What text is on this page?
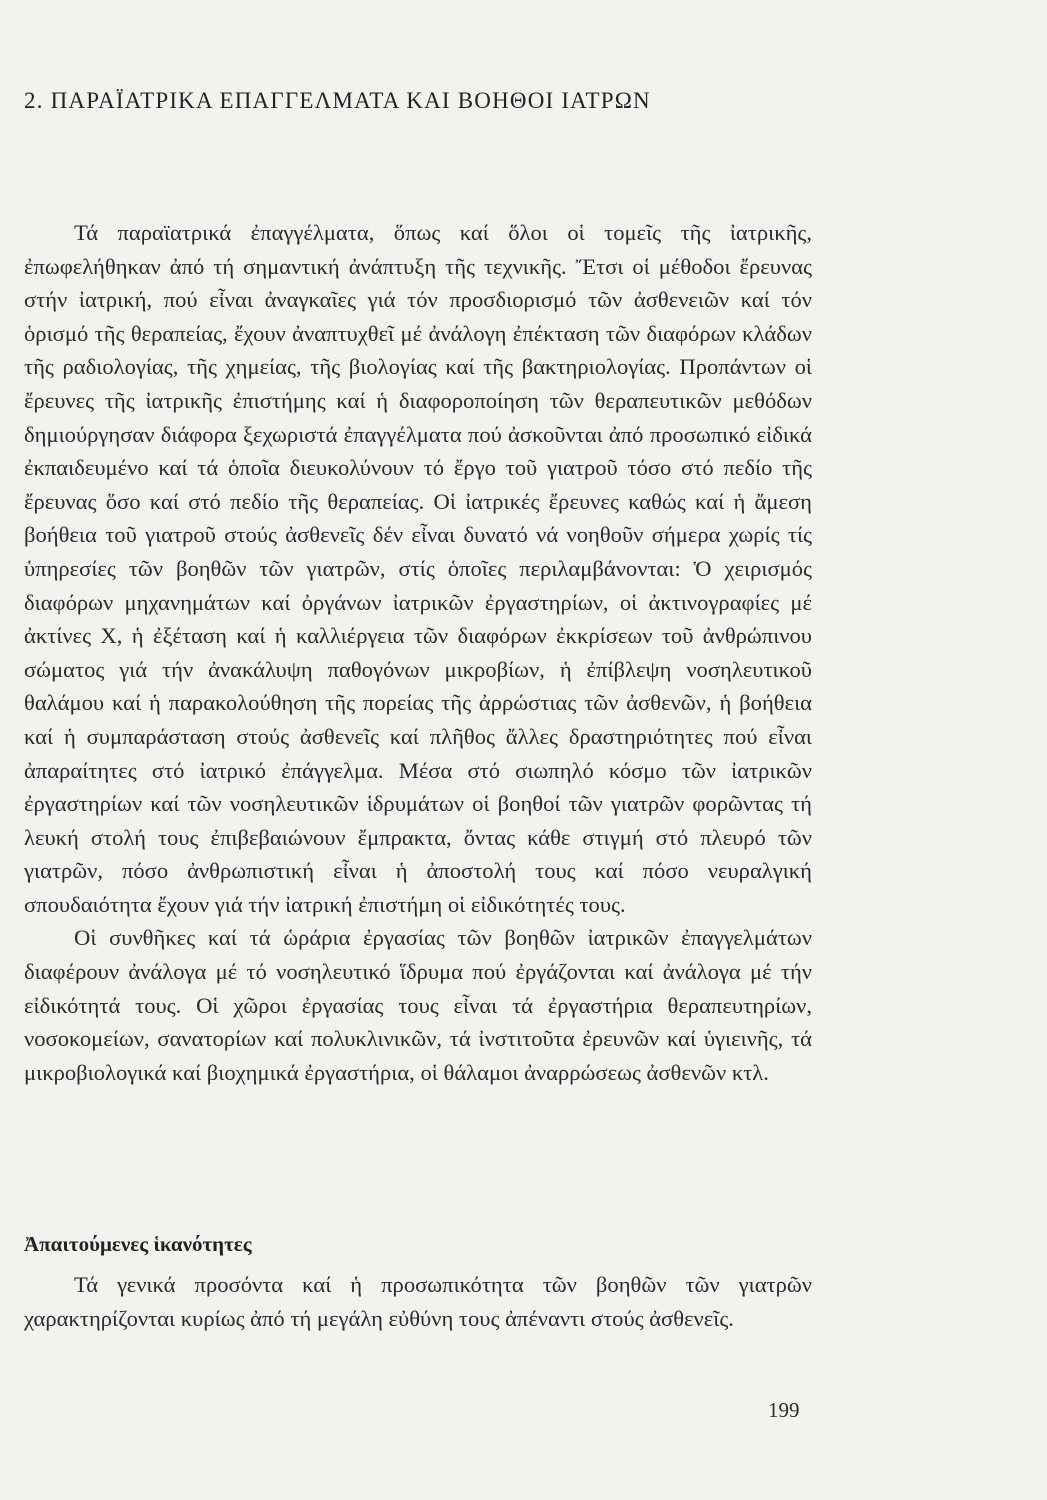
2. ΠΑΡΑΪΑΤΡΙΚΑ ΕΠΑΓΓΕΛΜΑΤΑ ΚΑΙ ΒΟΗΘΟΙ ΙΑΤΡΩΝ

Τά παραϊατρικά ἐπαγγέλματα, ὅπως καί ὅλοι οἱ τομεῖς τῆς ἰατρικῆς, ἐπωφελήθηκαν ἀπό τή σημαντική ἀνάπτυξη τῆς τεχνικῆς. Ἔτσι οἱ μέθοδοι ἔρευνας στήν ἰατρική, πού εἶναι ἀναγκαῖες γιά τόν προσδιορισμό τῶν ἀσθενειῶν καί τόν ὁρισμό τῆς θεραπείας, ἔχουν ἀναπτυχθεῖ μέ ἀνάλογη ἐπέκταση τῶν διαφόρων κλάδων τῆς ραδιολογίας, τῆς χημείας, τῆς βιολογίας καί τῆς βακτηριολογίας. Προπάντων οἱ ἔρευνες τῆς ἰατρικῆς ἐπιστήμης καί ἡ διαφοροποίηση τῶν θεραπευτικῶν μεθόδων δημιούργησαν διάφορα ξεχωριστά ἐπαγγέλματα πού ἀσκοῦνται ἀπό προσωπικό εἰδικά ἐκπαιδευμένο καί τά ὁποῖα διευκολύνουν τό ἔργο τοῦ γιατροῦ τόσο στό πεδίο τῆς ἔρευνας ὅσο καί στό πεδίο τῆς θεραπείας. Οἱ ἰατρικές ἔρευνες καθώς καί ἡ ἄμεση βοήθεια τοῦ γιατροῦ στούς ἀσθενεῖς δέν εἶναι δυνατό νά νοηθοῦν σήμερα χωρίς τίς ὑπηρεσίες τῶν βοηθῶν τῶν γιατρῶν, στίς ὁποῖες περιλαμβάνονται: Ὁ χειρισμός διαφόρων μηχανημάτων καί ὀργάνων ἰατρικῶν ἐργαστηρίων, οἱ ἀκτινογραφίες μέ ἀκτίνες Χ, ἡ ἐξέταση καί ἡ καλλιέργεια τῶν διαφόρων ἐκκρίσεων τοῦ ἀνθρώπινου σώματος γιά τήν ἀνακάλυψη παθογόνων μικροβίων, ἡ ἐπίβλεψη νοσηλευτικοῦ θαλάμου καί ἡ παρακολούθηση τῆς πορείας τῆς ἀρρώστιας τῶν ἀσθενῶν, ἡ βοήθεια καί ἡ συμπαράσταση στούς ἀσθενεῖς καί πλῆθος ἄλλες δραστηριότητες πού εἶναι ἀπαραίτητες στό ἰατρικό ἐπάγγελμα. Μέσα στό σιωπηλό κόσμο τῶν ἰατρικῶν ἐργαστηρίων καί τῶν νοσηλευτικῶν ἱδρυμάτων οἱ βοηθοί τῶν γιατρῶν φορῶντας τή λευκή στολή τους ἐπιβεβαιώνουν ἔμπρακτα, ὄντας κάθε στιγμή στό πλευρό τῶν γιατρῶν, πόσο ἀνθρωπιστική εἶναι ἡ ἀποστολή τους καί πόσο νευραλγική σπουδαιότητα ἔχουν γιά τήν ἰατρική ἐπιστήμη οἱ εἰδικότητές τους.

Οἱ συνθῆκες καί τά ὡράρια ἐργασίας τῶν βοηθῶν ἰατρικῶν ἐπαγγελμάτων διαφέρουν ἀνάλογα μέ τό νοσηλευτικό ἵδρυμα πού ἐργάζονται καί ἀνάλογα μέ τήν εἰδικότητά τους. Οἱ χῶροι ἐργασίας τους εἶναι τά ἐργαστήρια θεραπευτηρίων, νοσοκομείων, σανατορίων καί πολυκλινικῶν, τά ἰνστιτοῦτα ἐρευνῶν καί ὑγιεινῆς, τά μικροβιολογικά καί βιοχημικά ἐργαστήρια, οἱ θάλαμοι ἀναρρώσεως ἀσθενῶν κτλ.

Ἀπαιτούμενες ἱκανότητες

Τά γενικά προσόντα καί ἡ προσωπικότητα τῶν βοηθῶν τῶν γιατρῶν χαρακτηρίζονται κυρίως ἀπό τή μεγάλη εὐθύνη τους ἀπέναντι στούς ἀσθενεῖς.

199
